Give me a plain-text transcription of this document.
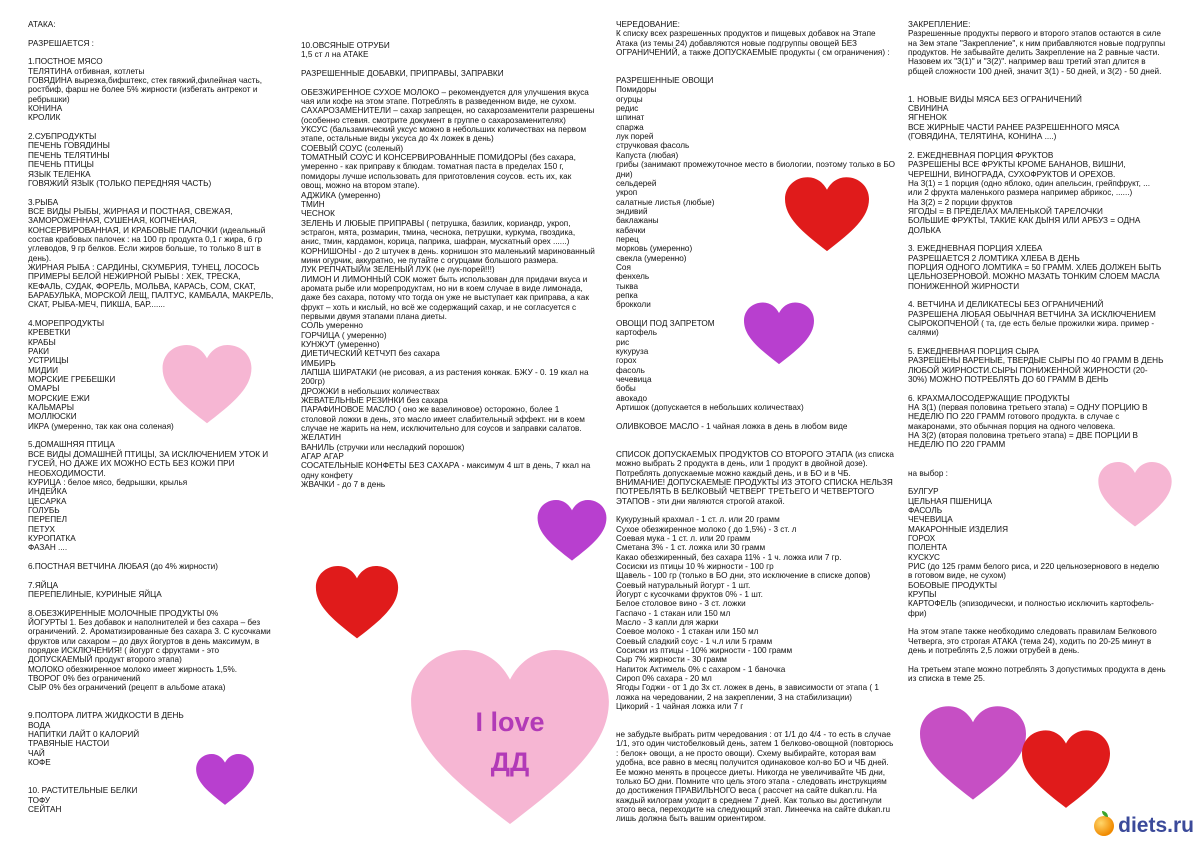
АТАКА:

РАЗРЕШАЕТСЯ :

1.ПОСТНОЕ МЯСО

ТЕЛЯТИНА отбивная, котлеты

ГОВЯДИНА вырезка,бифштекс, стек гвяжий,филейная часть,

ростбиф, фарш не более 5% жирности (избегать антрекот и

ребрышки)

КОНИНА

КРОЛИК

2.СУБПРОДУКТЫ

ПЕЧЕНЬ ГОВЯДИНЫ

ПЕЧЕНЬ ТЕЛЯТИНЫ

ПЕЧЕНЬ ПТИЦЫ

ЯЗЫК ТЕЛЕНКА

ГОВЯЖИЙ ЯЗЫК (ТОЛЬКО ПЕРЕДНЯЯ ЧАСТЬ)

3.РЫБА

ВСЕ ВИДЫ РЫБЫ, ЖИРНАЯ И ПОСТНАЯ, СВЕЖАЯ,

ЗАМОРОЖЕННАЯ, СУШЕНАЯ, КОПЧЕНАЯ,

КОНСЕРВИРОВАННАЯ, И КРАБОВЫЕ ПАЛОЧКИ (идеальный

состав крабовых палочек : на 100 гр продукта 0,1 г жира, 6 гр

углеводов, 9 гр белков. Если жиров больше, то только 8 шт в

день).

ЖИРНАЯ РЫБА : САРДИНЫ, СКУМБРИЯ, ТУНЕЦ, ЛОСОСЬ

ПРИМЕРЫ БЕЛОЙ НЕЖИРНОЙ РЫБЫ : ХЕК, ТРЕСКА,

КЕФАЛЬ, СУДАК, ФОРЕЛЬ, МОЛЬВА, КАРАСЬ, СОМ, СКАТ,

БАРАБУЛЬКА, МОРСКОЙ ЛЕЩ, ПАЛТУС, КАМБАЛА, МАКРЕЛЬ,

СКАТ, РЫБА-МЕЧ, ПИКША, БАР.......

4.МОРЕПРОДУКТЫ

КРЕВЕТКИ

КРАБЫ

РАКИ

УСТРИЦЫ

МИДИИ

МОРСКИЕ ГРЕБЕШКИ

ОМАРЫ

МОРСКИЕ ЕЖИ

КАЛЬМАРЫ

МОЛЛЮСКИ

ИКРА (умеренно, так как она соленая)

5.ДОМАШНЯЯ ПТИЦА

ВСЕ ВИДЫ ДОМАШНЕЙ ПТИЦЫ, ЗА ИСКЛЮЧЕНИЕМ УТОК И

ГУСЕЙ, НО ДАЖЕ ИХ МОЖНО ЕСТЬ БЕЗ КОЖИ ПРИ

НЕОБХОДИМОСТИ.

КУРИЦА : белое мясо, бедрышки, крылья

ИНДЕЙКА

ЦЕСАРКА

ГОЛУБЬ

ПЕРЕПЕЛ

ПЕТУХ

КУРОПАТКА

ФАЗАН ....

6.ПОСТНАЯ ВЕТЧИНА ЛЮБАЯ (до 4% жирности)

7.ЯЙЦА

ПЕРЕПЕЛИНЫЕ, КУРИНЫЕ ЯЙЦА

8.ОБЕЗЖИРЕННЫЕ МОЛОЧНЫЕ ПРОДУКТЫ 0%

ЙОГУРТЫ 1. Без добавок и наполнителей и без сахара – без

ограничений. 2. Ароматизированные без сахара 3. С кусочками

фруктов или сахаром – до двух йогуртов в день максимум, в

порядке ИСКЛЮЧЕНИЯ! ( йогурт с фруктами - это

ДОПУСКАЕМЫЙ продукт второго этапа)

МОЛОКО обезжиренное молоко имеет жирность 1,5%.

ТВОРОГ 0% без ограничений

СЫР 0% без ограничений (рецепт в альбоме атака)

9.ПОЛТОРА ЛИТРА ЖИДКОСТИ В ДЕНЬ

ВОДА

НАПИТКИ ЛАЙТ 0 КАЛОРИЙ

ТРАВЯНЫЕ НАСТОИ

ЧАЙ

КОФЕ

10. РАСТИТЕЛЬНЫЕ БЕЛКИ

ТОФУ

СЕЙТАН

10.ОВСЯНЫЕ ОТРУБИ

1,5 ст л на АТАКЕ

РАЗРЕШЕННЫЕ ДОБАВКИ, ПРИПРАВЫ, ЗАПРАВКИ

ОБЕЗЖИРЕННОЕ СУХОЕ МОЛОКО – рекомендуется для улучшения вкуса

чая или кофе на этом этапе. Потреблять в разведенном виде, не сухом.

САХАРОЗАМЕНИТЕЛИ – сахар запрещен, но сахарозаменители разрешены

(особенно стевия. смотрите документ в группе о сахарозаменителях)

УКСУС (бальзамический уксус можно в небольших количествах на первом

этапе, остальные виды уксуса до 4х ложек в день)

СОЕВЫЙ СОУС (соленый)

ТОМАТНЫЙ СОУС И КОНСЕРВИРОВАННЫЕ ПОМИДОРЫ (без сахара,

умеренно - как приправу к блюдам. томатная паста в пределах 150 г,

помидоры лучше использовать для приготовления соусов. есть их, как

овощ, можно на втором этапе).

АДЖИКА (умеренно)

ТМИН

ЧЕСНОК

ЗЕЛЕНЬ И ЛЮБЫЕ ПРИПРАВЫ ( петрушка, базилик, кориандр, укроп,

эстрагон, мята, розмарин, тмина, чеснока, петрушки, куркума, гвоздика,

анис, тмин, кардамон, корица, паприка, шафран, мускатный орех ......)

КОРНИШОНЫ - до 2 штучек в день. корнишон это маленький маринованный

мини огурчик, аккуратно, не путайте с огурцами большого размера.

ЛУК РЕПЧАТЫЙ/и ЗЕЛЕНЫЙ ЛУК (не лук-порей!!!)

ЛИМОН И ЛИМОННЫЙ СОК может быть использован для придачи вкуса и

аромата рыбе или морепродуктам, но ни в коем случае в виде лимонада,

даже без сахара, потому что тогда он уже не выступает как приправа, а как

фрукт – хоть и кислый, но всё же содержащий сахар, и не согласуется с

первыми двумя этапами плана диеты.

СОЛЬ умеренно

ГОРЧИЦА ( умеренно)

КУНЖУТ (умеренно)

ДИЕТИЧЕСКИЙ КЕТЧУП без сахара

ИМБИРЬ

ЛАПША ШИРАТАКИ (не рисовая, а из растения конжак. БЖУ - 0. 19 ккал на

200гр)

ДРОЖЖИ в небольших количествах

ЖЕВАТЕЛЬНЫЕ РЕЗИНКИ без сахара

ПАРАФИНОВОЕ МАСЛО ( оно же вазелиновое) осторожно, более 1

столовой ложки в день, это масло имеет слабительный эффект. ни в коем

случае не жарить на нем, исключительно для соусов и заправки салатов.

ЖЕЛАТИН

ВАНИЛЬ (стручки или несладкий порошок)

АГАР АГАР

СОСАТЕЛЬНЫЕ КОНФЕТЫ БЕЗ САХАРА - максимум 4 шт в день, 7 ккал на

одну конфету

ЖВАЧКИ - до 7 в день

ЧЕРЕДОВАНИЕ:

К списку всех разрешенных продуктов и пищевых добавок на Этапе

Атака (из темы 24) добавляются новые подгруппы овощей БЕЗ

ОГРАНИЧЕНИЙ, а также ДОПУСКАЕМЫЕ продукты ( см ограничения) :

РАЗРЕШЕННЫЕ ОВОЩИ

Помидоры

огурцы

редис

шпинат

спаржа

лук порей

стручковая фасоль

Капуста (любая)

грибы (занимают промежуточное место в биологии, поэтому только в БО

дни)

сельдерей

укроп

салатные листья (любые)

эндивий

баклажаны

кабачки

перец

морковь (умеренно)

свекла (умеренно)

Соя

фенхель

тыква

репка

брокколи

ОВОЩИ ПОД ЗАПРЕТОМ

картофель

рис

кукуруза

горох

фасоль

чечевица

бобы

авокадо

Артишок (допускается в небольших количествах)

ОЛИВКОВОЕ МАСЛО - 1 чайная ложка в день в любом виде

СПИСОК ДОПУСКАЕМЫХ ПРОДУКТОВ СО ВТОРОГО ЭТАПА (из списка

можно выбрать 2 продукта в день, или 1 продукт в двойной дозе).

Потреблять допускаемые можно каждый день, и в БО и в ЧБ.

ВНИМАНИЕ! ДОПУСКАЕМЫЕ ПРОДУКТЫ ИЗ ЭТОГО СПИСКА НЕЛЬЗЯ

ПОТРЕБЛЯТЬ В БЕЛКОВЫЙ ЧЕТВЕРГ ТРЕТЬЕГО И ЧЕТВЕРТОГО

ЭТАПОВ - эти дни являются строгой атакой.

Кукурузный крахмал - 1 ст. л. или 20 грамм

Сухое обезжиренное молоко ( до 1,5%) - 3 ст. л

Соевая мука - 1 ст. л. или 20 грамм

Сметана 3% - 1 ст. ложка или 30 грамм

Какао обезжиренный, без сахара 11% - 1 ч. ложка или 7 гр.

Сосиски из птицы 10 % жирности - 100 гр

Щавель - 100 гр (только в БО дни, это исключение в списке допов)

Соевый натуральный йогурт - 1 шт.

Йогурт с кусочками фруктов 0% - 1 шт.

Белое столовое вино - 3 ст. ложки

Гаспачо - 1 стакан или 150 мл

Масло - 3 капли для жарки

Соевое молоко - 1 стакан или 150 мл

Соевый сладкий соус - 1 ч.л или 5 грамм

Сосиски из птицы - 10% жирности - 100 грамм

Сыр 7% жирности - 30 грамм

Напиток Актимель 0% с сахаром - 1 баночка

Сироп 0% сахара - 20 мл

Ягоды Годжи - от 1 до 3х ст. ложек в день, в зависимости от этапа ( 1

ложка на чередовании, 2 на закреплении, 3 на стабилизации)

Цикорий - 1 чайная ложка или 7 г

не забудьте выбрать ритм чередования : от 1/1 до 4/4 - то есть в случае

1/1, это один чистобелковый день, затем 1 белково-овощной (повторюсь

: белок+ овощи, а не просто овощи). Схему выбирайте, которая вам

удобна, все равно в месяц получится одинаковое кол-во БО и ЧБ дней.

Ее можно менять в процессе диеты. Никогда не увеличивайте ЧБ дни,

только БО дни. Помните что цель этого этапа - следовать инструкциям

до достижения ПРАВИЛЬНОГО веса ( рассчет на сайте dukan.ru. На

каждый килограм уходит в среднем 7 дней. Как только вы достигнули

этого веса, переходите на следующий этап. Линеечка на сайте dukan.ru

лишь должна быть вашим ориентиром.

ЗАКРЕПЛЕНИЕ:

Разрешенные продукты первого и второго этапов остаются в силе

на 3ем этапе "Закрепление", к ним прибавляются новые подгруппы

продуктов. Не забывайте делить Закрепление на 2 равные части.

Назовем их "3(1)" и "3(2)". например ваш третий этап длится в

рбщей сложности 100 дней, значит 3(1) - 50 дней, и 3(2) - 50 дней.

1. НОВЫЕ ВИДЫ МЯСА БЕЗ ОГРАНИЧЕНИЙ

СВИНИНА

ЯГНЕНОК

ВСЕ ЖИРНЫЕ ЧАСТИ РАНЕЕ РАЗРЕШЕННОГО МЯСА

(ГОВЯДИНА, ТЕЛЯТИНА, КОНИНА ....)

2. ЕЖЕДНЕВНАЯ ПОРЦИЯ ФРУКТОВ

РАЗРЕШЕНЫ ВСЕ ФРУКТЫ КРОМЕ БАНАНОВ, ВИШНИ,

ЧЕРЕШНИ, ВИНОГРАДА, СУХОФРУКТОВ И ОРЕХОВ.

На 3(1) = 1 порция (одно яблоко, один апельсин, грейпфрукт, ...

или 2 фрукта маленького размера например абрикос, ......)

На 3(2) = 2 порции фруктов

ЯГОДЫ = В ПРЕДЕЛАХ МАЛЕНЬКОЙ ТАРЕЛОЧКИ

БОЛЬШИЕ ФРУКТЫ, ТАКИЕ КАК ДЫНЯ ИЛИ АРБУЗ = ОДНА

ДОЛЬКА

3. ЕЖЕДНЕВНАЯ ПОРЦИЯ ХЛЕБА

РАЗРЕШАЕТСЯ 2 ЛОМТИКА ХЛЕБА В ДЕНЬ

ПОРЦИЯ ОДНОГО ЛОМТИКА = 50 ГРАММ. ХЛЕБ ДОЛЖЕН БЫТЬ

ЦЕЛЬНОЗЕРНОВОЙ. МОЖНО МАЗАТЬ ТОНКИМ СЛОЕМ МАСЛА

ПОНИЖЕННОЙ ЖИРНОСТИ

4. ВЕТЧИНА И ДЕЛИКАТЕСЫ БЕЗ ОГРАНИЧЕНИЙ

РАЗРЕШЕНА ЛЮБАЯ ОБЫЧНАЯ ВЕТЧИНА ЗА ИСКЛЮЧЕНИЕМ

СЫРОКОПЧЕНОЙ ( та, где есть белые прожилки жира. пример -

салями)

5. ЕЖЕДНЕВНАЯ ПОРЦИЯ СЫРА

РАЗРЕШЕНЫ ВАРЕНЫЕ, ТВЕРДЫЕ СЫРЫ ПО 40 ГРАММ В ДЕНЬ

ЛЮБОЙ ЖИРНОСТИ.СЫРЫ ПОНИЖЕННОЙ ЖИРНОСТИ (20-

30%) МОЖНО ПОТРЕБЛЯТЬ ДО 60 ГРАММ В ДЕНЬ

6. КРАХМАЛОСОДЕРЖАЩИЕ ПРОДУКТЫ

НА 3(1) (первая половина третьего этапа) = ОДНУ ПОРЦИЮ В

НЕДЕЛЮ ПО 220 ГРАММ готового продукта. в случае с

макаронами, это обычная порция на одного человека.

НА 3(2) (вторая половина третьего этапа) = ДВЕ ПОРЦИИ В

НЕДЕЛЮ ПО 220 ГРАММ

на выбор :

БУЛГУР

ЦЕЛЬНАЯ ПШЕНИЦА

ФАСОЛЬ

ЧЕЧЕВИЦА

МАКАРОННЫЕ ИЗДЕЛИЯ

ГОРОХ

ПОЛЕНТА

КУСКУС

РИС (до 125 грамм белого риса, и 220 цельнозернового в неделю

в готовом виде, не сухом)

БОБОВЫЕ ПРОДУКТЫ

КРУПЫ

КАРТОФЕЛЬ (эпизодически, и полностью исключить картофель-

фри)

На этом этапе также необходимо следовать правилам Белкового

Четверга, это строгая АТАКА (тема 24), ходить по 20-25 минут в

день и потреблять 2,5 ложки отрубей в день.

На третьем этапе можно потреблять 3 допустимых продукта в день

из списка в теме 25.

I love
ДД
diets.ru
